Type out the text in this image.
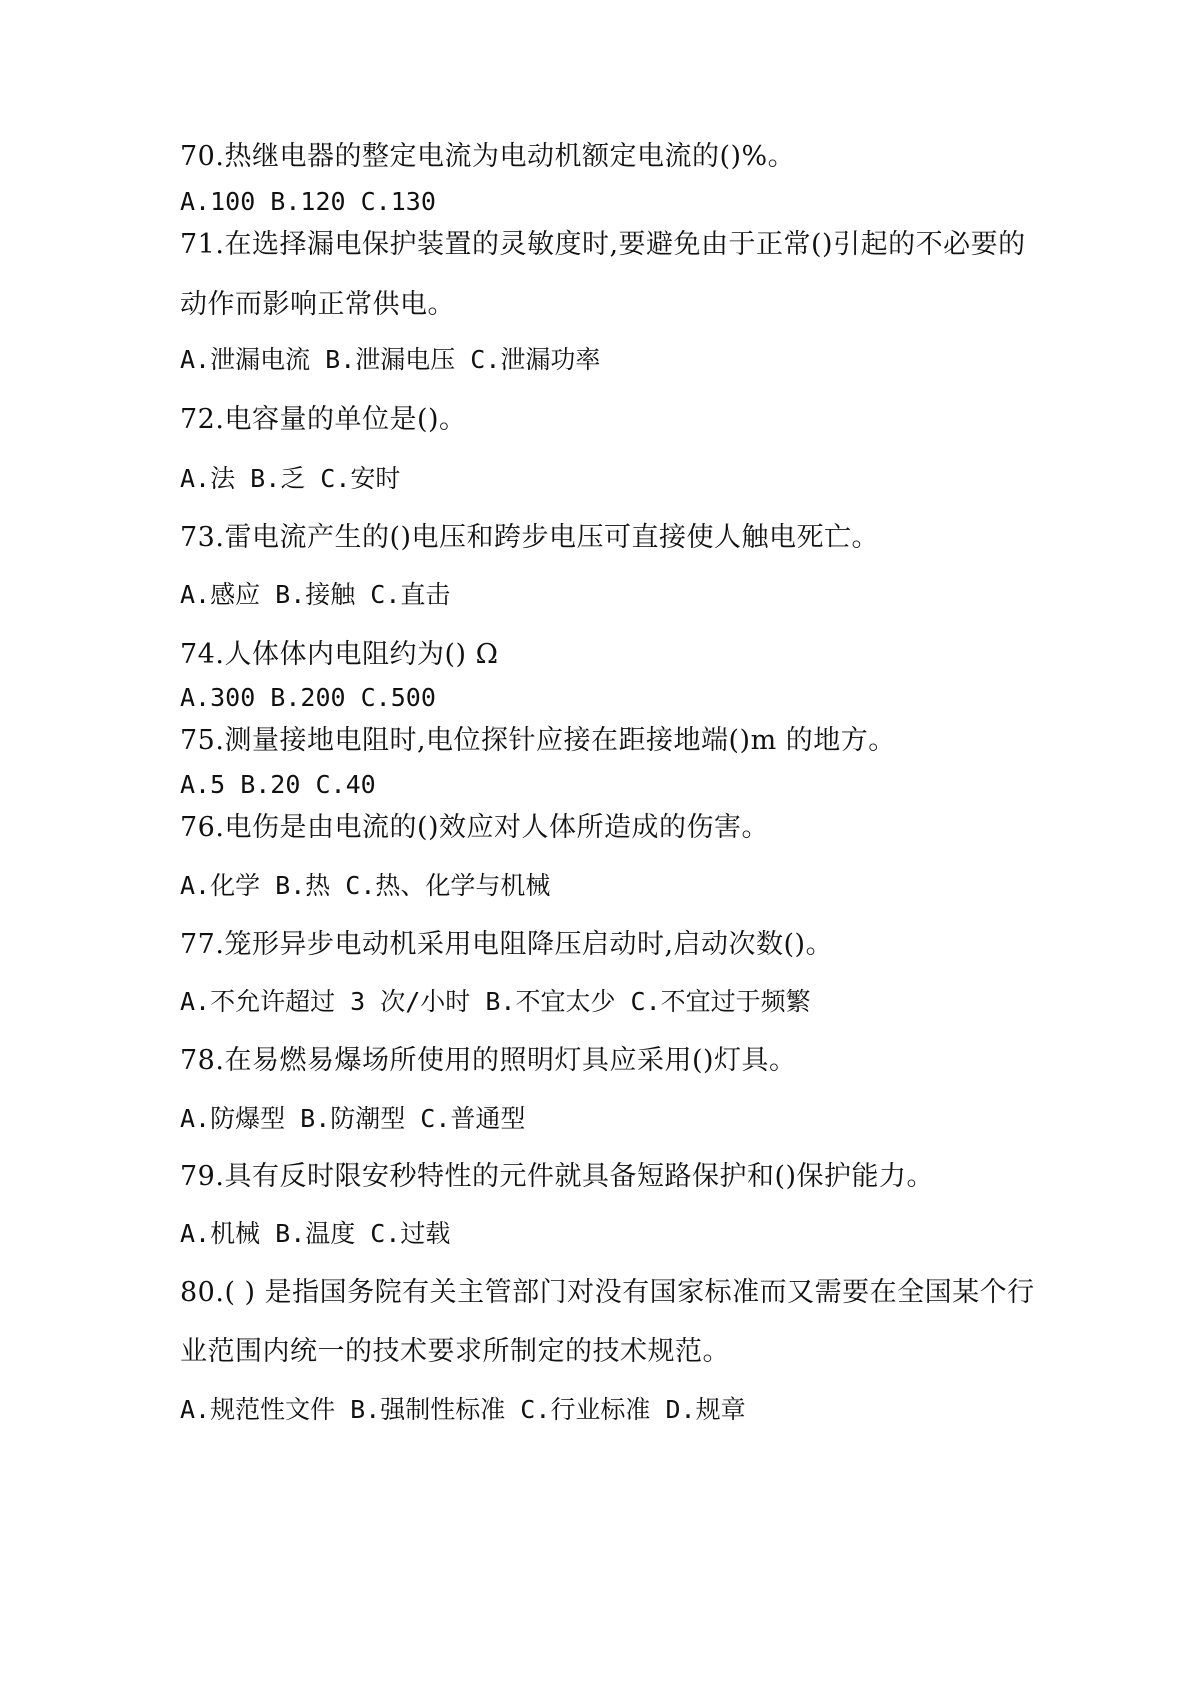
70.热继电器的整定电流为电动机额定电流的()%。
A.100 B.120 C.130
71.在选择漏电保护装置的灵敏度时,要避免由于正常()引起的不必要的
动作而影响正常供电。
A.泄漏电流 B.泄漏电压 C.泄漏功率
72.电容量的单位是()。
A.法 B.乏 C.安时
73.雷电流产生的()电压和跨步电压可直接使人触电死亡。
A.感应 B.接触 C.直击
74.人体体内电阻约为() Ω
A.300 B.200 C.500
75.测量接地电阻时,电位探针应接在距接地端()m 的地方。
A.5 B.20 C.40
76.电伤是由电流的()效应对人体所造成的伤害。
A.化学 B.热 C.热、化学与机械
77.笼形异步电动机采用电阻降压启动时,启动次数()。
A.不允许超过 3 次/小时 B.不宜太少 C.不宜过于频繁
78.在易燃易爆场所使用的照明灯具应采用()灯具。
A.防爆型 B.防潮型 C.普通型
79.具有反时限安秒特性的元件就具备短路保护和()保护能力。
A.机械 B.温度 C.过载
80.( ) 是指国务院有关主管部门对没有国家标准而又需要在全国某个行
业范围内统一的技术要求所制定的技术规范。
A.规范性文件 B.强制性标准 C.行业标准 D.规章
